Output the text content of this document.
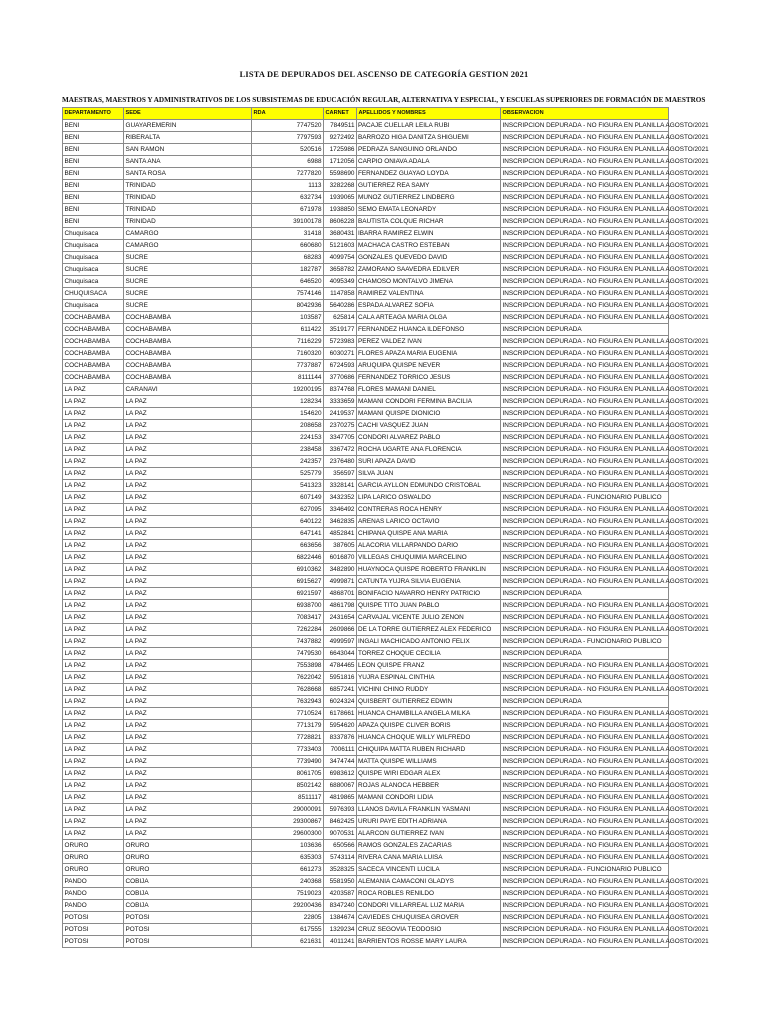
LISTA DE DEPURADOS DEL ASCENSO DE CATEGORÍA GESTION 2021
MAESTRAS, MAESTROS Y ADMINISTRATIVOS DE LOS SUBSISTEMAS DE EDUCACIÓN REGULAR, ALTERNATIVA Y ESPECIAL, Y ESCUELAS SUPERIORES DE FORMACIÓN DE MAESTROS
DEPARTAMENTO	SEDE	RDA	CARNET	APELLIDOS Y NOMBRES	OBSERVACION
BENI	GUAYAREMERIN	7747520	7849511	PACAJE CUELLAR LEILA RUBI	INSCRIPCION DEPURADA - NO FIGURA EN PLANILLA AGOSTO/2021
BENI	RIBERALTA	7797593	9272492	BARROZO HIGA DANITZA SHIGUEMI	INSCRIPCION DEPURADA - NO FIGURA EN PLANILLA AGOSTO/2021
BENI	SAN RAMON	520516	1725986	PEDRAZA SANGUINO ORLANDO	INSCRIPCION DEPURADA - NO FIGURA EN PLANILLA AGOSTO/2021
BENI	SANTA ANA	6988	1712056	CARPIO ONIAVA ADALA	INSCRIPCION DEPURADA - NO FIGURA EN PLANILLA AGOSTO/2021
BENI	SANTA ROSA	7277820	5598690	FERNANDEZ GUAYAO LOYDA	INSCRIPCION DEPURADA - NO FIGURA EN PLANILLA AGOSTO/2021
BENI	TRINIDAD	1113	3282268	GUTIERREZ REA SAMY	INSCRIPCION DEPURADA - NO FIGURA EN PLANILLA AGOSTO/2021
BENI	TRINIDAD	632734	1939065	MUNOZ GUTIERREZ LINDBERG	INSCRIPCION DEPURADA - NO FIGURA EN PLANILLA AGOSTO/2021
BENI	TRINIDAD	671978	1938850	SEMO EMATA LEONARDY	INSCRIPCION DEPURADA - NO FIGURA EN PLANILLA AGOSTO/2021
BENI	TRINIDAD	39100178	8606228	BAUTISTA COLQUE RICHAR	INSCRIPCION DEPURADA - NO FIGURA EN PLANILLA AGOSTO/2021
Chuquisaca	CAMARGO	31418	3680431	IBARRA RAMIREZ ELWIN	INSCRIPCION DEPURADA - NO FIGURA EN PLANILLA AGOSTO/2021
Chuquisaca	CAMARGO	660680	5121603	MACHACA CASTRO ESTEBAN	INSCRIPCION DEPURADA - NO FIGURA EN PLANILLA AGOSTO/2021
Chuquisaca	SUCRE	68283	4099754	GONZALES QUEVEDO DAVID	INSCRIPCION DEPURADA - NO FIGURA EN PLANILLA AGOSTO/2021
Chuquisaca	SUCRE	182787	3658782	ZAMORANO SAAVEDRA EDILVER	INSCRIPCION DEPURADA - NO FIGURA EN PLANILLA AGOSTO/2021
Chuquisaca	SUCRE	646520	4095349	CHAMOSO MONTALVO JIMENA	INSCRIPCION DEPURADA - NO FIGURA EN PLANILLA AGOSTO/2021
CHUQUISACA	SUCRE	7574146	1147858	RAMIREZ VALENTINA	INSCRIPCION DEPURADA - NO FIGURA EN PLANILLA AGOSTO/2021
Chuquisaca	SUCRE	8042936	5640286	ESPADA ALVAREZ SOFIA	INSCRIPCION DEPURADA - NO FIGURA EN PLANILLA AGOSTO/2021
COCHABAMBA	COCHABAMBA	103587	625814	CALA ARTEAGA MARIA OLGA	INSCRIPCION DEPURADA - NO FIGURA EN PLANILLA AGOSTO/2021
COCHABAMBA	COCHABAMBA	611422	3519177	FERNANDEZ HUANCA ILDEFONSO	INSCRIPCION DEPURADA
COCHABAMBA	COCHABAMBA	7116229	5723983	PEREZ VALDEZ IVAN	INSCRIPCION DEPURADA - NO FIGURA EN PLANILLA AGOSTO/2021
COCHABAMBA	COCHABAMBA	7160320	6030271	FLORES APAZA MARIA EUGENIA	INSCRIPCION DEPURADA - NO FIGURA EN PLANILLA AGOSTO/2021
COCHABAMBA	COCHABAMBA	7737887	6724593	ARUQUIPA QUISPE NEVER	INSCRIPCION DEPURADA - NO FIGURA EN PLANILLA AGOSTO/2021
COCHABAMBA	COCHABAMBA	8111144	3770686	FERNANDEZ TORRICO JESUS	INSCRIPCION DEPURADA - NO FIGURA EN PLANILLA AGOSTO/2021
LA PAZ	CARANAVI	19200195	8374768	FLORES MAMANI DANIEL	INSCRIPCION DEPURADA - NO FIGURA EN PLANILLA AGOSTO/2021
LA PAZ	LA PAZ	128234	3333659	MAMANI CONDORI FERMINA BACILIA	INSCRIPCION DEPURADA - NO FIGURA EN PLANILLA AGOSTO/2021
LA PAZ	LA PAZ	154620	2419537	MAMANI QUISPE DIONICIO	INSCRIPCION DEPURADA - NO FIGURA EN PLANILLA AGOSTO/2021
LA PAZ	LA PAZ	208658	2370275	CACHI VASQUEZ JUAN	INSCRIPCION DEPURADA - NO FIGURA EN PLANILLA AGOSTO/2021
LA PAZ	LA PAZ	224153	3347705	CONDORI ALVAREZ PABLO	INSCRIPCION DEPURADA - NO FIGURA EN PLANILLA AGOSTO/2021
LA PAZ	LA PAZ	238458	3367472	ROCHA UGARTE ANA FLORENCIA	INSCRIPCION DEPURADA - NO FIGURA EN PLANILLA AGOSTO/2021
LA PAZ	LA PAZ	242357	2376480	SURI APAZA DAVID	INSCRIPCION DEPURADA - NO FIGURA EN PLANILLA AGOSTO/2021
LA PAZ	LA PAZ	525779	356597	SILVA JUAN	INSCRIPCION DEPURADA - NO FIGURA EN PLANILLA AGOSTO/2021
LA PAZ	LA PAZ	541323	3328141	GARCIA AYLLON EDMUNDO CRISTOBAL	INSCRIPCION DEPURADA - NO FIGURA EN PLANILLA AGOSTO/2021
LA PAZ	LA PAZ	607149	3432352	LIPA LARICO OSWALDO	INSCRIPCION DEPURADA - FUNCIONARIO PUBLICO
LA PAZ	LA PAZ	627095	3346492	CONTRERAS ROCA HENRY	INSCRIPCION DEPURADA - NO FIGURA EN PLANILLA AGOSTO/2021
LA PAZ	LA PAZ	640122	3462835	ARENAS LARICO OCTAVIO	INSCRIPCION DEPURADA - NO FIGURA EN PLANILLA AGOSTO/2021
LA PAZ	LA PAZ	647141	4852841	CHIPANA QUISPE ANA MARIA	INSCRIPCION DEPURADA - NO FIGURA EN PLANILLA AGOSTO/2021
LA PAZ	LA PAZ	663656	387605	ALACORIA VILLARPANDO DARIO	INSCRIPCION DEPURADA - NO FIGURA EN PLANILLA AGOSTO/2021
LA PAZ	LA PAZ	6822446	6016870	VILLEGAS CHUQUIMIA MARCELINO	INSCRIPCION DEPURADA - NO FIGURA EN PLANILLA AGOSTO/2021
LA PAZ	LA PAZ	6910362	3482890	HUAYNOCA QUISPE ROBERTO FRANKLIN	INSCRIPCION DEPURADA - NO FIGURA EN PLANILLA AGOSTO/2021
LA PAZ	LA PAZ	6915627	4999871	CATUNTA YUJRA SILVIA EUGENIA	INSCRIPCION DEPURADA - NO FIGURA EN PLANILLA AGOSTO/2021
LA PAZ	LA PAZ	6921597	4868701	BONIFACIO NAVARRO HENRY PATRICIO	INSCRIPCION DEPURADA
LA PAZ	LA PAZ	6938700	4861798	QUISPE TITO JUAN PABLO	INSCRIPCION DEPURADA - NO FIGURA EN PLANILLA AGOSTO/2021
LA PAZ	LA PAZ	7083417	2431654	CARVAJAL VICENTE JULIO ZENON	INSCRIPCION DEPURADA - NO FIGURA EN PLANILLA AGOSTO/2021
LA PAZ	LA PAZ	7262284	2609866	DE LA TORRE GUTIERREZ ALEX FEDERICO	INSCRIPCION DEPURADA - NO FIGURA EN PLANILLA AGOSTO/2021
LA PAZ	LA PAZ	7437882	4999597	INGALI MACHICADO ANTONIO FELIX	INSCRIPCION DEPURADA - FUNCIONARIO PUBLICO
LA PAZ	LA PAZ	7479530	6643044	TORREZ CHOQUE CECILIA	INSCRIPCION DEPURADA
LA PAZ	LA PAZ	7553898	4784465	LEON QUISPE FRANZ	INSCRIPCION DEPURADA - NO FIGURA EN PLANILLA AGOSTO/2021
LA PAZ	LA PAZ	7622042	5951816	YUJRA ESPINAL CINTHIA	INSCRIPCION DEPURADA - NO FIGURA EN PLANILLA AGOSTO/2021
LA PAZ	LA PAZ	7628668	6857241	VICHINI CHINO RUDDY	INSCRIPCION DEPURADA - NO FIGURA EN PLANILLA AGOSTO/2021
LA PAZ	LA PAZ	7632943	6024324	QUISBERT GUTIERREZ EDWIN	INSCRIPCION DEPURADA
LA PAZ	LA PAZ	7710524	6178661	HUANCA CHAMBILLA ANGELA MILKA	INSCRIPCION DEPURADA - NO FIGURA EN PLANILLA AGOSTO/2021
LA PAZ	LA PAZ	7713179	5954620	APAZA QUISPE CLIVER BORIS	INSCRIPCION DEPURADA - NO FIGURA EN PLANILLA AGOSTO/2021
LA PAZ	LA PAZ	7728821	8337876	HUANCA CHOQUE WILLY WILFREDO	INSCRIPCION DEPURADA - NO FIGURA EN PLANILLA AGOSTO/2021
LA PAZ	LA PAZ	7733403	7006111	CHIQUIPA MATTA RUBEN RICHARD	INSCRIPCION DEPURADA - NO FIGURA EN PLANILLA AGOSTO/2021
LA PAZ	LA PAZ	7739490	3474744	MATTA QUISPE WILLIAMS	INSCRIPCION DEPURADA - NO FIGURA EN PLANILLA AGOSTO/2021
LA PAZ	LA PAZ	8061705	6983612	QUISPE WIRI EDGAR ALEX	INSCRIPCION DEPURADA - NO FIGURA EN PLANILLA AGOSTO/2021
LA PAZ	LA PAZ	8502142	6880067	ROJAS ALANOCA HEBBER	INSCRIPCION DEPURADA - NO FIGURA EN PLANILLA AGOSTO/2021
LA PAZ	LA PAZ	8511117	4819865	MAMANI CONDORI LIDIA	INSCRIPCION DEPURADA - NO FIGURA EN PLANILLA AGOSTO/2021
LA PAZ	LA PAZ	29000091	5976393	LLANOS DAVILA FRANKLIN YASMANI	INSCRIPCION DEPURADA - NO FIGURA EN PLANILLA AGOSTO/2021
LA PAZ	LA PAZ	29300867	8462425	URURI PAYE EDITH ADRIANA	INSCRIPCION DEPURADA - NO FIGURA EN PLANILLA AGOSTO/2021
LA PAZ	LA PAZ	29600300	9070531	ALARCON GUTIERREZ IVAN	INSCRIPCION DEPURADA - NO FIGURA EN PLANILLA AGOSTO/2021
ORURO	ORURO	103636	650566	RAMOS GONZALES ZACARIAS	INSCRIPCION DEPURADA - NO FIGURA EN PLANILLA AGOSTO/2021
ORURO	ORURO	635303	5743114	RIVERA CANA MARIA LUISA	INSCRIPCION DEPURADA - NO FIGURA EN PLANILLA AGOSTO/2021
ORURO	ORURO	661273	3528325	SACECA VINCENTI LUCILA	INSCRIPCION DEPURADA - FUNCIONARIO PUBLICO
PANDO	COBIJA	240368	5581950	ALEMANIA CAMACONI GLADYS	INSCRIPCION DEPURADA - NO FIGURA EN PLANILLA AGOSTO/2021
PANDO	COBIJA	7519023	4203587	ROCA ROBLES RENILDO	INSCRIPCION DEPURADA - NO FIGURA EN PLANILLA AGOSTO/2021
PANDO	COBIJA	29200436	8347240	CONDORI VILLARREAL LUZ MARIA	INSCRIPCION DEPURADA - NO FIGURA EN PLANILLA AGOSTO/2021
POTOSI	POTOSI	22805	1384674	CAVIEDES CHUQUISEA GROVER	INSCRIPCION DEPURADA - NO FIGURA EN PLANILLA AGOSTO/2021
POTOSI	POTOSI	617555	1329234	CRUZ SEGOVIA TEODOSIO	INSCRIPCION DEPURADA - NO FIGURA EN PLANILLA AGOSTO/2021
POTOSI	POTOSI	621631	4011241	BARRIENTOS ROSSE MARY LAURA	INSCRIPCION DEPURADA - NO FIGURA EN PLANILLA AGOSTO/2021
